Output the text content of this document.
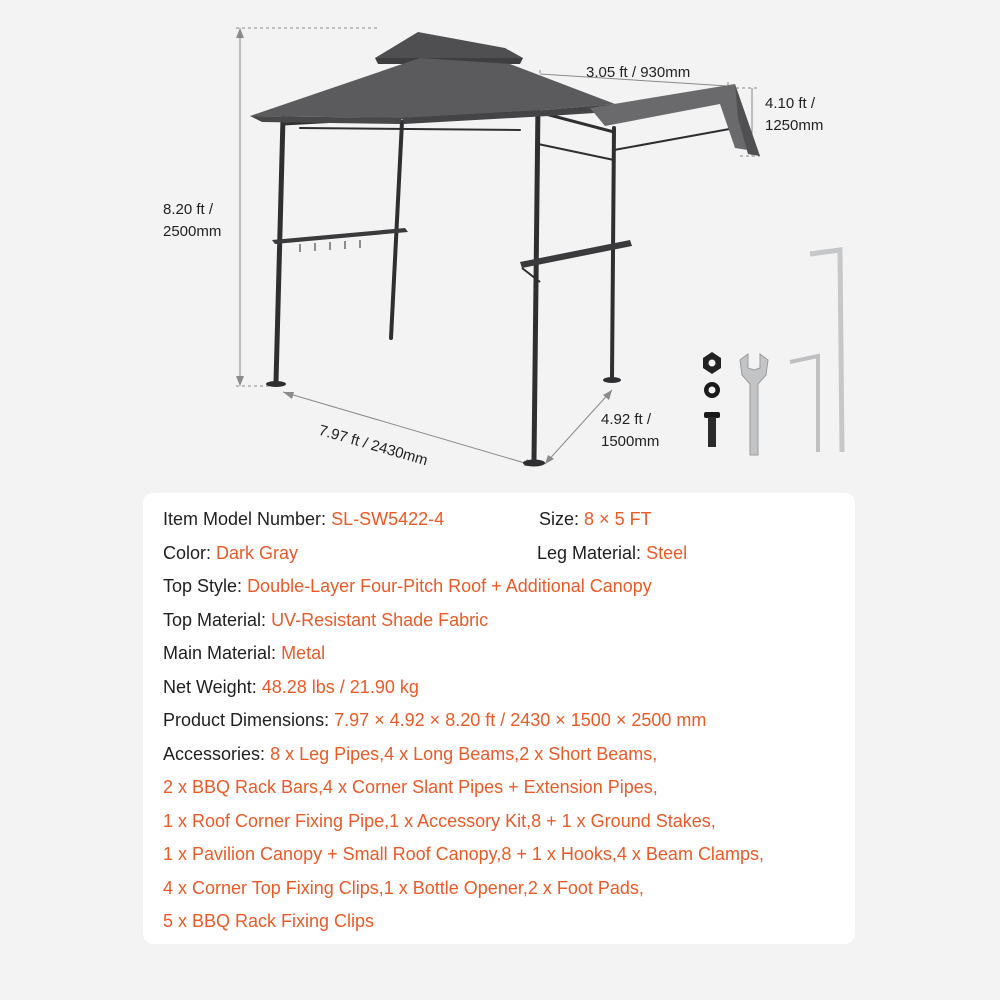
8.20 ft /
2500mm
3.05 ft / 930mm
4.10 ft /
1250mm
7.97 ft / 2430mm
4.92 ft /
1500mm
Item Model Number: SL-SW5422-4	Size: 8 × 5 FT
Color: Dark Gray	Leg Material: Steel
Top Style: Double-Layer Four-Pitch Roof + Additional Canopy
Top Material: UV-Resistant Shade Fabric
Main Material: Metal
Net Weight: 48.28 lbs / 21.90 kg
Product Dimensions: 7.97 × 4.92 × 8.20 ft / 2430 × 1500 × 2500 mm
Accessories: 8 x Leg Pipes,4 x Long Beams,2 x Short Beams,
2 x BBQ Rack Bars,4 x Corner Slant Pipes + Extension Pipes,
1 x Roof Corner Fixing Pipe,1 x Accessory Kit,8 + 1 x Ground Stakes,
1 x Pavilion Canopy + Small Roof Canopy,8 + 1 x Hooks,4 x Beam Clamps,
4 x Corner Top Fixing Clips,1 x Bottle Opener,2 x Foot Pads,
5 x BBQ Rack Fixing Clips
